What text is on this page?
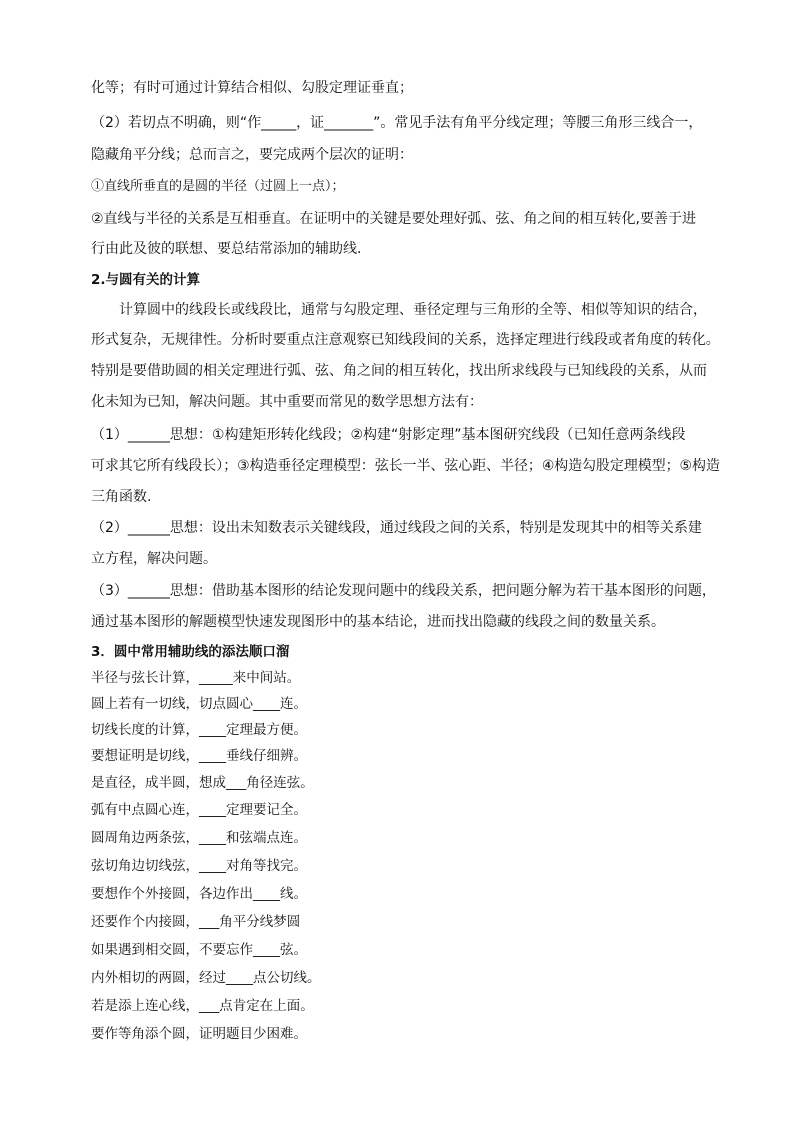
化等；有时可通过计算结合相似、勾股定理证垂直；
（2）若切点不明确，则“作_____，证_______”。常见手法有角平分线定理；等腰三角形三线合一，
隐藏角平分线；总而言之，要完成两个层次的证明：
①直线所垂直的是圆的半径（过圆上一点）；
②直线与半径的关系是互相垂直。在证明中的关键是要处理好弧、弦、角之间的相互转化,要善于进
行由此及彼的联想、要总结常添加的辅助线.
2.与圆有关的计算
计算圆中的线段长或线段比，通常与勾股定理、垂径定理与三角形的全等、相似等知识的结合，
形式复杂，无规律性。分析时要重点注意观察已知线段间的关系，选择定理进行线段或者角度的转化。
特别是要借助圆的相关定理进行弧、弦、角之间的相互转化，找出所求线段与已知线段的关系，从而
化未知为已知，解决问题。其中重要而常见的数学思想方法有：
（1）______思想：①构建矩形转化线段；②构建“射影定理”基本图研究线段（已知任意两条线段
可求其它所有线段长）；③构造垂径定理模型：弦长一半、弦心距、半径；④构造勾股定理模型；⑤构造
三角函数.
（2）______思想：设出未知数表示关键线段，通过线段之间的关系，特别是发现其中的相等关系建
立方程，解决问题。
（3）______思想：借助基本图形的结论发现问题中的线段关系，把问题分解为若干基本图形的问题，
通过基本图形的解题模型快速发现图形中的基本结论，进而找出隐藏的线段之间的数量关系。
3．圆中常用辅助线的添法顺口溜
半径与弦长计算，_____来中间站。
圆上若有一切线，切点圆心____连。
切线长度的计算，____定理最方便。
要想证明是切线，____垂线仔细辨。
是直径，成半圆，想成___角径连弦。
弧有中点圆心连，____定理要记全。
圆周角边两条弦，____和弦端点连。
弦切角边切线弦，____对角等找完。
要想作个外接圆，各边作出____线。
还要作个内接圆，___角平分线梦圆
如果遇到相交圆，不要忘作____弦。
内外相切的两圆，经过____点公切线。
若是添上连心线，___点肯定在上面。
要作等角添个圆，证明题目少困难。
